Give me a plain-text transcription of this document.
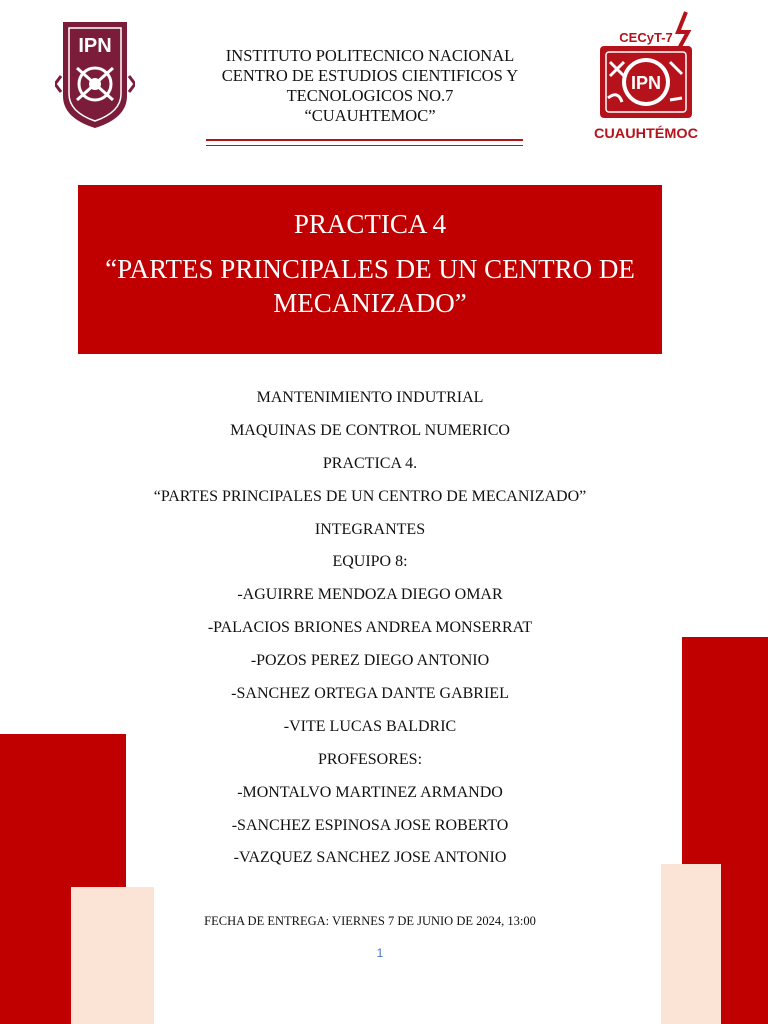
IPN	INSTITUTO POLITECNICO NACIONAL
CENTRO DE ESTUDIOS CIENTIFICOS Y
TECNOLOGICOS NO.7
“CUAUHTEMOC”
CECyT-7
IPN
CUAUHTÉMOC
PRACTICA 4
“PARTES PRINCIPALES DE UN CENTRO DE MECANIZADO”
MANTENIMIENTO INDUTRIAL
MAQUINAS DE CONTROL NUMERICO
PRACTICA 4.
“PARTES PRINCIPALES DE UN CENTRO DE MECANIZADO”
INTEGRANTES
EQUIPO 8:
-AGUIRRE MENDOZA DIEGO OMAR
-PALACIOS BRIONES ANDREA MONSERRAT
-POZOS PEREZ DIEGO ANTONIO
-SANCHEZ ORTEGA DANTE GABRIEL
-VITE LUCAS BALDRIC
PROFESORES:
-MONTALVO MARTINEZ ARMANDO
-SANCHEZ ESPINOSA JOSE ROBERTO
-VAZQUEZ SANCHEZ JOSE ANTONIO
FECHA DE ENTREGA: VIERNES 7 DE JUNIO DE 2024, 13:00
1
